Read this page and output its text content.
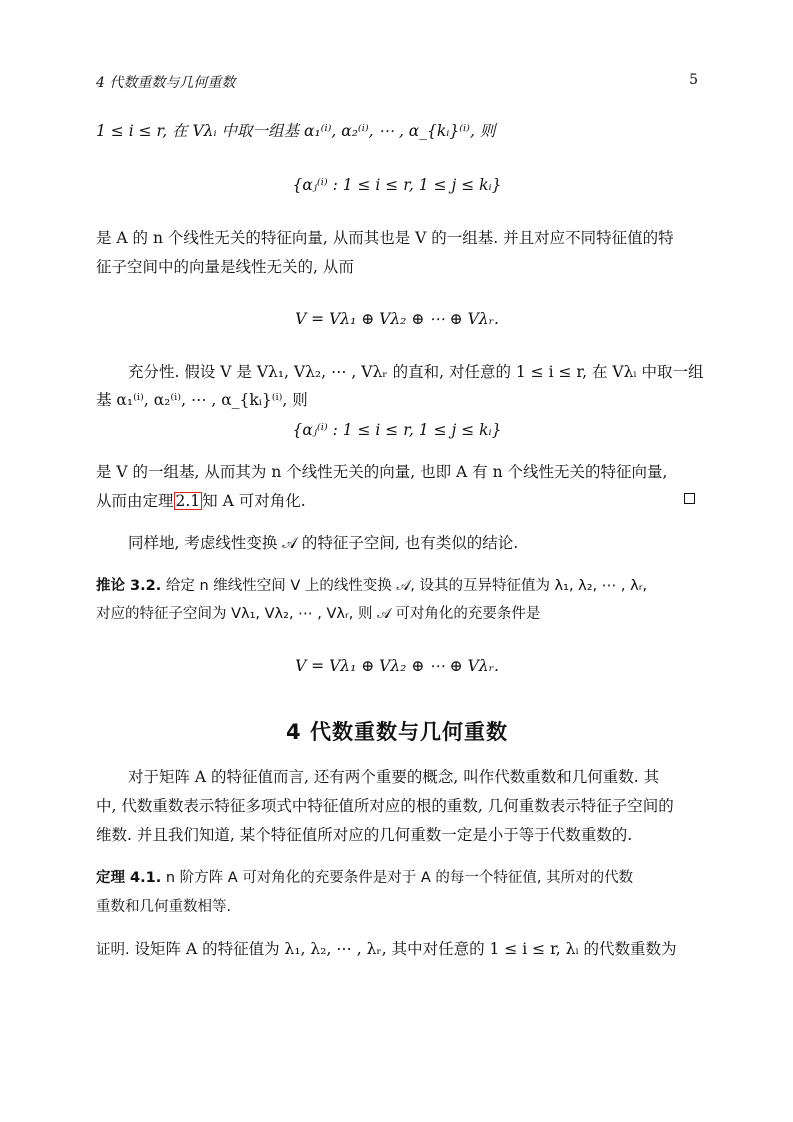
4 代数重数与几何重数	5
1 ≤ i ≤ r, 在 Vλᵢ 中取一组基 α₁⁽ⁱ⁾, α₂⁽ⁱ⁾, ⋯ , α_{kᵢ}⁽ⁱ⁾, 则
{αⱼ⁽ⁱ⁾ : 1 ≤ i ≤ r, 1 ≤ j ≤ kᵢ}
是 A 的 n 个线性无关的特征向量, 从而其也是 V 的一组基. 并且对应不同特征值的特
征子空间中的向量是线性无关的, 从而
V = Vλ₁ ⊕ Vλ₂ ⊕ ⋯ ⊕ Vλᵣ.
充分性. 假设 V 是 Vλ₁, Vλ₂, ⋯ , Vλᵣ 的直和, 对任意的 1 ≤ i ≤ r, 在 Vλᵢ 中取一组
基 α₁⁽ⁱ⁾, α₂⁽ⁱ⁾, ⋯ , α_{kᵢ}⁽ⁱ⁾, 则
{αⱼ⁽ⁱ⁾ : 1 ≤ i ≤ r, 1 ≤ j ≤ kᵢ}
是 V 的一组基, 从而其为 n 个线性无关的向量, 也即 A 有 n 个线性无关的特征向量,
从而由定理 2.1 知 A 可对角化.
同样地, 考虑线性变换 𝒜 的特征子空间, 也有类似的结论.
推论 3.2. 给定 n 维线性空间 V 上的线性变换 𝒜, 设其的互异特征值为 λ₁, λ₂, ⋯ , λᵣ,
对应的特征子空间为 Vλ₁, Vλ₂, ⋯ , Vλᵣ, 则 𝒜 可对角化的充要条件是
V = Vλ₁ ⊕ Vλ₂ ⊕ ⋯ ⊕ Vλᵣ.
4 代数重数与几何重数
对于矩阵 A 的特征值而言, 还有两个重要的概念, 叫作代数重数和几何重数. 其
中, 代数重数表示特征多项式中特征值所对应的根的重数, 几何重数表示特征子空间的
维数. 并且我们知道, 某个特征值所对应的几何重数一定是小于等于代数重数的.
定理 4.1. n 阶方阵 A 可对角化的充要条件是对于 A 的每一个特征值, 其所对的代数
重数和几何重数相等.
证明. 设矩阵 A 的特征值为 λ₁, λ₂, ⋯ , λᵣ, 其中对任意的 1 ≤ i ≤ r, λᵢ 的代数重数为
